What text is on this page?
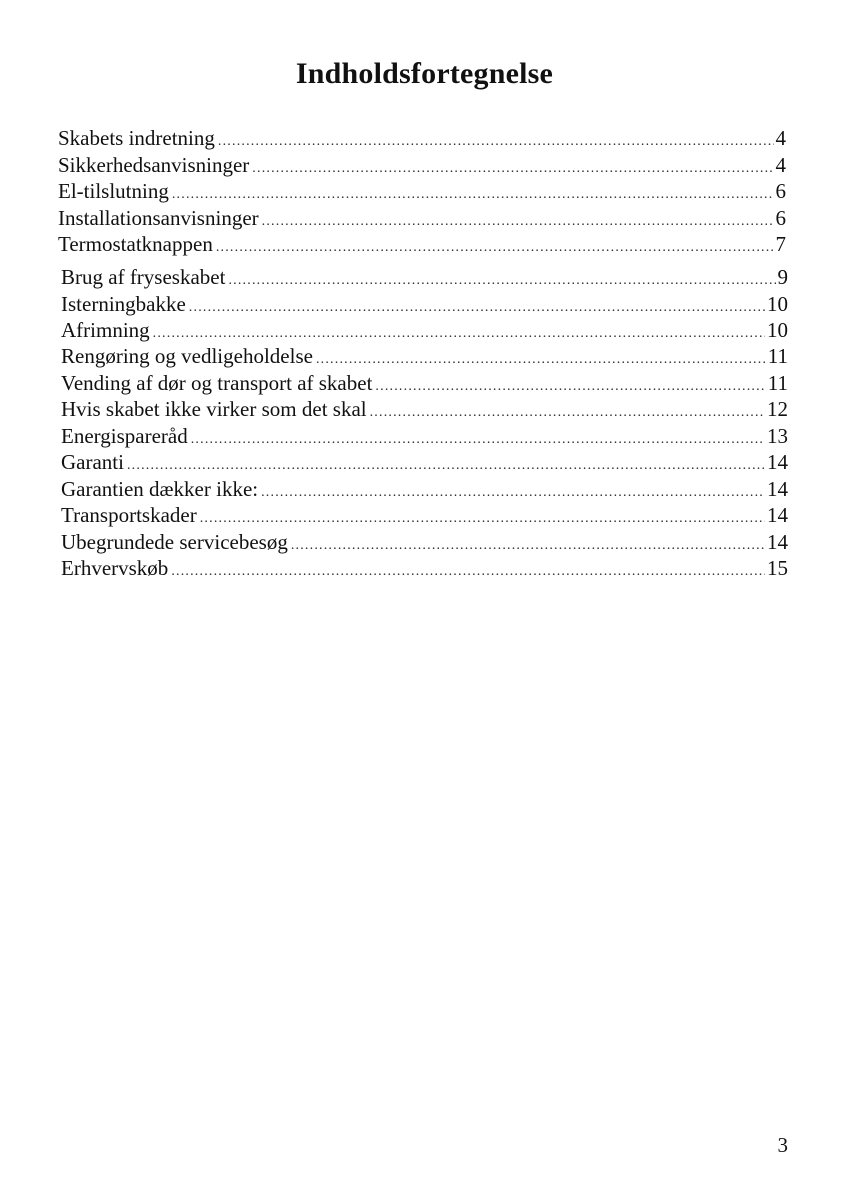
Indholdsfortegnelse
Skabets indretning .....	4
Sikkerhedsanvisninger .....	4
El-tilslutning .....	6
Installationsanvisninger .....	6
Termostatknappen .....	7
Brug af fryseskabet .....	9
Isterningbakke .....	10
Afrimning .....	10
Rengøring og vedligeholdelse .....	11
Vending af dør og transport af skabet .....	11
Hvis skabet ikke virker som det skal .....	12
Energispareråd .....	13
Garanti .....	14
Garantien dækker ikke: .....	14
Transportskader .....	14
Ubegrundede servicebesøg .....	14
Erhvervskøb .....	15
3
